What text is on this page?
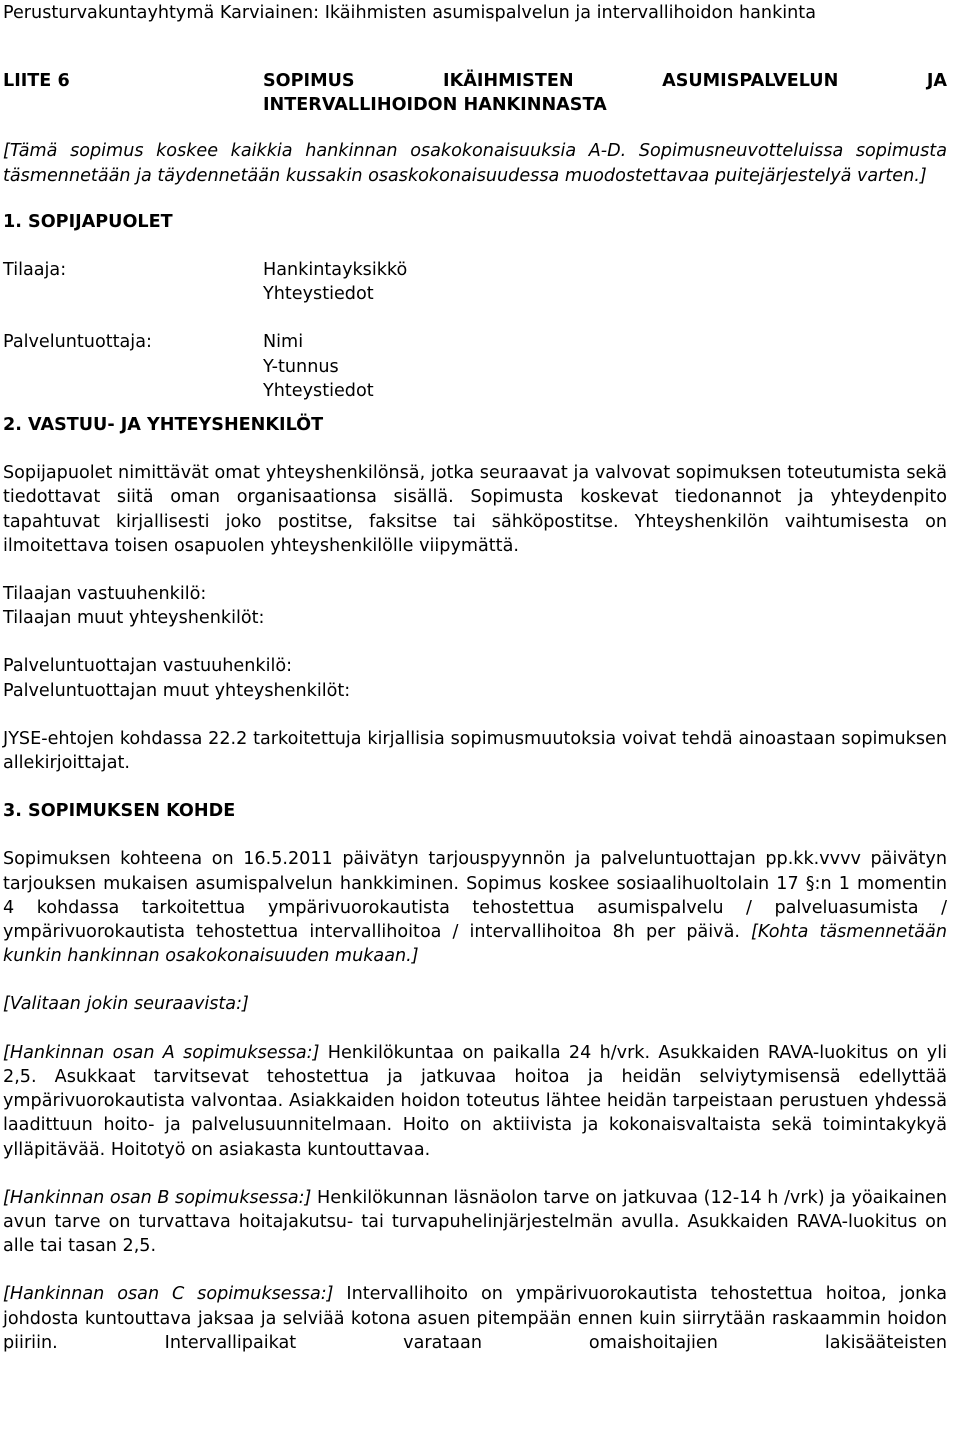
Perusturvakuntayhtymä Karviainen: Ikäihmisten asumispalvelun ja intervallihoidon hankinta
LIITE 6	SOPIMUS IKÄIHMISTEN ASUMISPALVELUN JA
INTERVALLIHOIDON HANKINNASTA

[Tämä sopimus koskee kaikkia hankinnan osakokonaisuuksia A-D. Sopimusneuvotteluissa sopimusta täsmennetään ja täydennetään kussakin osaskokonaisuudessa muodostettavaa puitejärjestelyä varten.]

1. SOPIJAPUOLET
Tilaaja:	Hankintayksikkö
Yhteystiedot
Palveluntuottaja:	Nimi
Y-tunnus
Yhteystiedot
2. VASTUU- JA YHTEYSHENKILÖT

Sopijapuolet nimittävät omat yhteyshenkilönsä, jotka seuraavat ja valvovat sopimuksen toteutumista sekä tiedottavat siitä oman organisaationsa sisällä. Sopimusta koskevat tiedonannot ja yhteydenpito tapahtuvat kirjallisesti joko postitse, faksitse tai sähköpostitse. Yhteyshenkilön vaihtumisesta on ilmoitettava toisen osapuolen yhteyshenkilölle viipymättä.

Tilaajan vastuuhenkilö:
Tilaajan muut yhteyshenkilöt:
Palveluntuottajan vastuuhenkilö:
Palveluntuottajan muut yhteyshenkilöt:

JYSE-ehtojen kohdassa 22.2 tarkoitettuja kirjallisia sopimusmuutoksia voivat tehdä ainoastaan sopimuksen allekirjoittajat.

3. SOPIMUKSEN KOHDE

Sopimuksen kohteena on 16.5.2011 päivätyn tarjouspyynnön ja palveluntuottajan pp.kk.vvvv päivätyn tarjouksen mukaisen asumispalvelun hankkiminen. Sopimus koskee sosiaalihuoltolain 17 §:n 1 momentin 4 kohdassa tarkoitettua ympärivuorokautista tehostettua asumispalvelu / palveluasumista / ympärivuorokautista tehostettua intervallihoitoa / intervallihoitoa 8h per päivä. [Kohta täsmennetään kunkin hankinnan osakokonaisuuden mukaan.]

[Valitaan jokin seuraavista:]

[Hankinnan osan A sopimuksessa:] Henkilökuntaa on paikalla 24 h/vrk. Asukkaiden RAVA-luokitus on yli 2,5. Asukkaat tarvitsevat tehostettua ja jatkuvaa hoitoa ja heidän selviytymisensä edellyttää ympärivuorokautista valvontaa. Asiakkaiden hoidon toteutus lähtee heidän tarpeistaan perustuen yhdessä laadittuun hoito- ja palvelusuunnitelmaan. Hoito on aktiivista ja kokonaisvaltaista sekä toimintakykyä ylläpitävää. Hoitotyö on asiakasta kuntouttavaa.

[Hankinnan osan B sopimuksessa:] Henkilökunnan läsnäolon tarve on jatkuvaa (12-14 h /vrk) ja yöaikainen avun tarve on turvattava hoitajakutsu- tai turvapuhelinjärjestelmän avulla. Asukkaiden RAVA-luokitus on alle tai tasan 2,5.

[Hankinnan osan C sopimuksessa:] Intervallihoito on ympärivuorokautista tehostettua hoitoa, jonka johdosta kuntouttava jaksaa ja selviää kotona asuen pitempään ennen kuin siirrytään raskaammin hoidon piiriin. Intervallipaikat varataan omaishoitajien lakisääteisten
